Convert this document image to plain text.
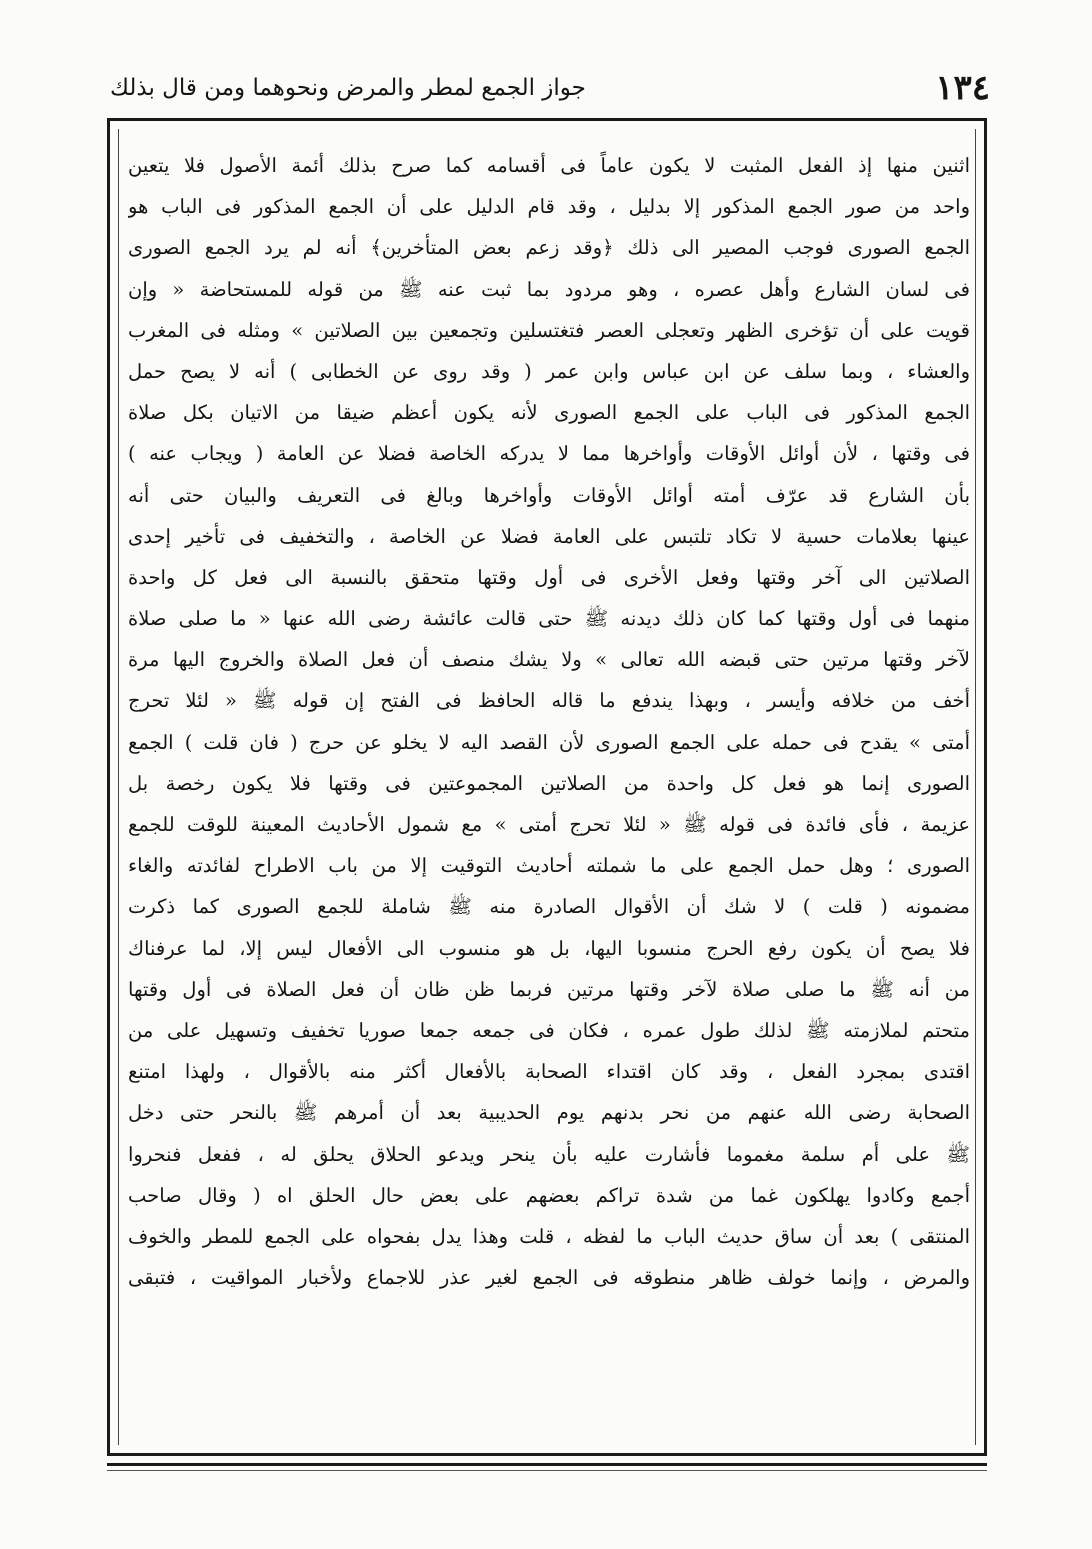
١٣٤
جواز الجمع لمطر والمرض ونحوهما ومن قال بذلك
اثنين منها إذ الفعل المثبت لا يكون عاماً فى أقسامه كما صرح بذلك أئمة الأصول فلا يتعين
واحد من صور الجمع المذكور إلا بدليل ، وقد قام الدليل على أن الجمع المذكور فى الباب هو
الجمع الصورى فوجب المصير الى ذلك ﴿وقد زعم بعض المتأخرين﴾ أنه لم يرد الجمع الصورى
فى لسان الشارع وأهل عصره ، وهو مردود بما ثبت عنه ﷺ من قوله للمستحاضة « وإن
قويت على أن تؤخرى الظهر وتعجلى العصر فتغتسلين وتجمعين بين الصلاتين » ومثله فى المغرب
والعشاء ، وبما سلف عن ابن عباس وابن عمر ( وقد روى عن الخطابى ) أنه لا يصح حمل
الجمع المذكور فى الباب على الجمع الصورى لأنه يكون أعظم ضيقا من الاتيان بكل صلاة
فى وقتها ، لأن أوائل الأوقات وأواخرها مما لا يدركه الخاصة فضلا عن العامة ( ويجاب عنه )
بأن الشارع قد عرّف أمته أوائل الأوقات وأواخرها وبالغ فى التعريف والبيان حتى أنه
عينها بعلامات حسية لا تكاد تلتبس على العامة فضلا عن الخاصة ، والتخفيف فى تأخير إحدى
الصلاتين الى آخر وقتها وفعل الأخرى فى أول وقتها متحقق بالنسبة الى فعل كل واحدة
منهما فى أول وقتها كما كان ذلك ديدنه ﷺ حتى قالت عائشة رضى الله عنها « ما صلى صلاة
لآخر وقتها مرتين حتى قبضه الله تعالى » ولا يشك منصف أن فعل الصلاة والخروج اليها مرة
أخف من خلافه وأيسر ، وبهذا يندفع ما قاله الحافظ فى الفتح إن قوله ﷺ « لئلا تحرج
أمتى » يقدح فى حمله على الجمع الصورى لأن القصد اليه لا يخلو عن حرج ( فان قلت ) الجمع
الصورى إنما هو فعل كل واحدة من الصلاتين المجموعتين فى وقتها فلا يكون رخصة بل
عزيمة ، فأى فائدة فى قوله ﷺ « لئلا تحرج أمتى » مع شمول الأحاديث المعينة للوقت للجمع
الصورى ؛ وهل حمل الجمع على ما شملته أحاديث التوقيت إلا من باب الاطراح لفائدته والغاء
مضمونه ( قلت ) لا شك أن الأقوال الصادرة منه ﷺ شاملة للجمع الصورى كما ذكرت
فلا يصح أن يكون رفع الحرج منسوبا اليها، بل هو منسوب الى الأفعال ليس إلا، لما عرفناك
من أنه ﷺ ما صلى صلاة لآخر وقتها مرتين فربما ظن ظان أن فعل الصلاة فى أول وقتها
متحتم لملازمته ﷺ لذلك طول عمره ، فكان فى جمعه جمعا صوريا تخفيف وتسهيل على من
اقتدى بمجرد الفعل ، وقد كان اقتداء الصحابة بالأفعال أكثر منه بالأقوال ، ولهذا امتنع
الصحابة رضى الله عنهم من نحر بدنهم يوم الحديبية بعد أن أمرهم ﷺ بالنحر حتى دخل
ﷺ على أم سلمة مغموما فأشارت عليه بأن ينحر ويدعو الحلاق يحلق له ، ففعل فنحروا
أجمع وكادوا يهلكون غما من شدة تراكم بعضهم على بعض حال الحلق اه ( وقال صاحب
المنتقى ) بعد أن ساق حديث الباب ما لفظه ، قلت وهذا يدل بفحواه على الجمع للمطر والخوف
والمرض ، وإنما خولف ظاهر منطوقه فى الجمع لغير عذر للاجماع ولأخبار المواقيت ، فتبقى
